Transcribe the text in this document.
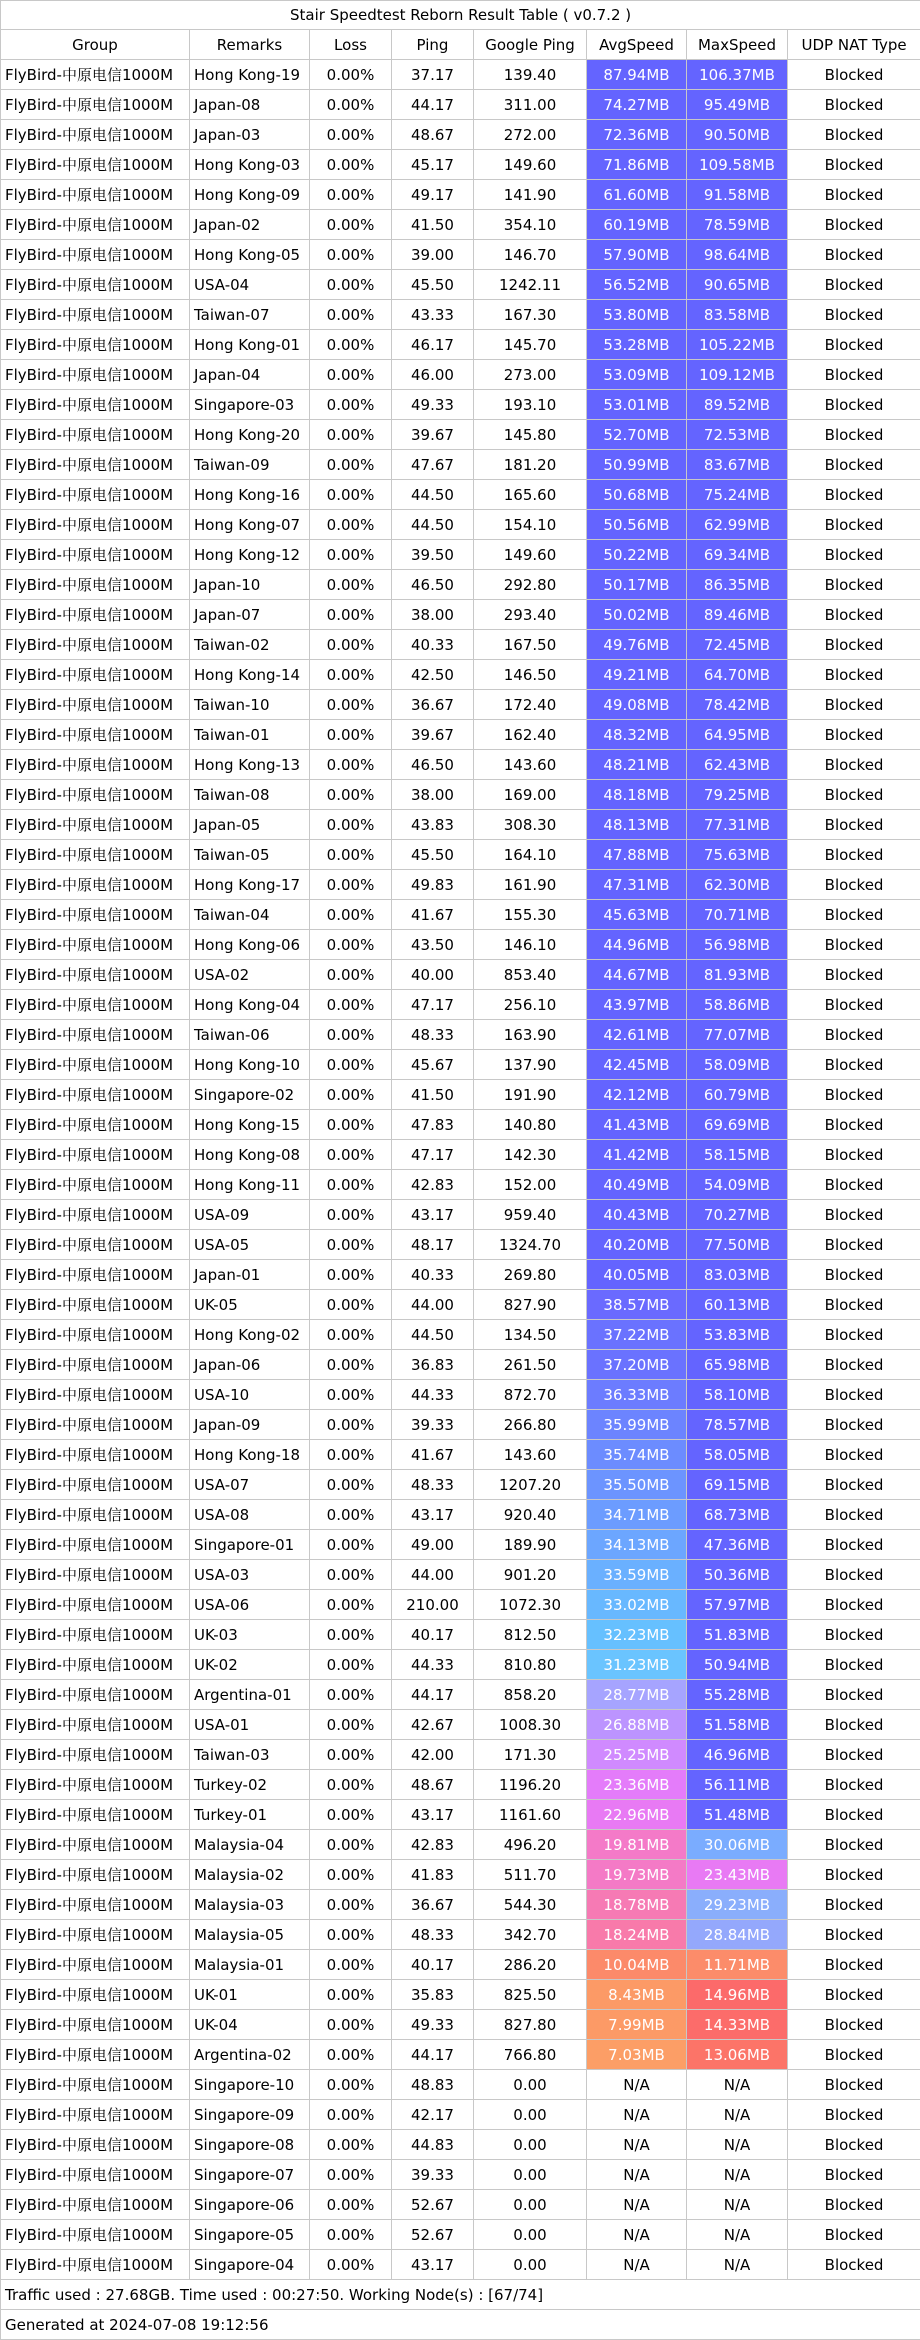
Stair Speedtest Reborn Result Table ( v0.7.2 )							
Group	Remarks	Loss	Ping	Google Ping	AvgSpeed	MaxSpeed	UDP NAT Type
FlyBird-中原电信1000M	Hong Kong-19	0.00%	37.17	139.40	87.94MB	106.37MB	Blocked
FlyBird-中原电信1000M	Japan-08	0.00%	44.17	311.00	74.27MB	95.49MB	Blocked
FlyBird-中原电信1000M	Japan-03	0.00%	48.67	272.00	72.36MB	90.50MB	Blocked
FlyBird-中原电信1000M	Hong Kong-03	0.00%	45.17	149.60	71.86MB	109.58MB	Blocked
FlyBird-中原电信1000M	Hong Kong-09	0.00%	49.17	141.90	61.60MB	91.58MB	Blocked
FlyBird-中原电信1000M	Japan-02	0.00%	41.50	354.10	60.19MB	78.59MB	Blocked
FlyBird-中原电信1000M	Hong Kong-05	0.00%	39.00	146.70	57.90MB	98.64MB	Blocked
FlyBird-中原电信1000M	USA-04	0.00%	45.50	1242.11	56.52MB	90.65MB	Blocked
FlyBird-中原电信1000M	Taiwan-07	0.00%	43.33	167.30	53.80MB	83.58MB	Blocked
FlyBird-中原电信1000M	Hong Kong-01	0.00%	46.17	145.70	53.28MB	105.22MB	Blocked
FlyBird-中原电信1000M	Japan-04	0.00%	46.00	273.00	53.09MB	109.12MB	Blocked
FlyBird-中原电信1000M	Singapore-03	0.00%	49.33	193.10	53.01MB	89.52MB	Blocked
FlyBird-中原电信1000M	Hong Kong-20	0.00%	39.67	145.80	52.70MB	72.53MB	Blocked
FlyBird-中原电信1000M	Taiwan-09	0.00%	47.67	181.20	50.99MB	83.67MB	Blocked
FlyBird-中原电信1000M	Hong Kong-16	0.00%	44.50	165.60	50.68MB	75.24MB	Blocked
FlyBird-中原电信1000M	Hong Kong-07	0.00%	44.50	154.10	50.56MB	62.99MB	Blocked
FlyBird-中原电信1000M	Hong Kong-12	0.00%	39.50	149.60	50.22MB	69.34MB	Blocked
FlyBird-中原电信1000M	Japan-10	0.00%	46.50	292.80	50.17MB	86.35MB	Blocked
FlyBird-中原电信1000M	Japan-07	0.00%	38.00	293.40	50.02MB	89.46MB	Blocked
FlyBird-中原电信1000M	Taiwan-02	0.00%	40.33	167.50	49.76MB	72.45MB	Blocked
FlyBird-中原电信1000M	Hong Kong-14	0.00%	42.50	146.50	49.21MB	64.70MB	Blocked
FlyBird-中原电信1000M	Taiwan-10	0.00%	36.67	172.40	49.08MB	78.42MB	Blocked
FlyBird-中原电信1000M	Taiwan-01	0.00%	39.67	162.40	48.32MB	64.95MB	Blocked
FlyBird-中原电信1000M	Hong Kong-13	0.00%	46.50	143.60	48.21MB	62.43MB	Blocked
FlyBird-中原电信1000M	Taiwan-08	0.00%	38.00	169.00	48.18MB	79.25MB	Blocked
FlyBird-中原电信1000M	Japan-05	0.00%	43.83	308.30	48.13MB	77.31MB	Blocked
FlyBird-中原电信1000M	Taiwan-05	0.00%	45.50	164.10	47.88MB	75.63MB	Blocked
FlyBird-中原电信1000M	Hong Kong-17	0.00%	49.83	161.90	47.31MB	62.30MB	Blocked
FlyBird-中原电信1000M	Taiwan-04	0.00%	41.67	155.30	45.63MB	70.71MB	Blocked
FlyBird-中原电信1000M	Hong Kong-06	0.00%	43.50	146.10	44.96MB	56.98MB	Blocked
FlyBird-中原电信1000M	USA-02	0.00%	40.00	853.40	44.67MB	81.93MB	Blocked
FlyBird-中原电信1000M	Hong Kong-04	0.00%	47.17	256.10	43.97MB	58.86MB	Blocked
FlyBird-中原电信1000M	Taiwan-06	0.00%	48.33	163.90	42.61MB	77.07MB	Blocked
FlyBird-中原电信1000M	Hong Kong-10	0.00%	45.67	137.90	42.45MB	58.09MB	Blocked
FlyBird-中原电信1000M	Singapore-02	0.00%	41.50	191.90	42.12MB	60.79MB	Blocked
FlyBird-中原电信1000M	Hong Kong-15	0.00%	47.83	140.80	41.43MB	69.69MB	Blocked
FlyBird-中原电信1000M	Hong Kong-08	0.00%	47.17	142.30	41.42MB	58.15MB	Blocked
FlyBird-中原电信1000M	Hong Kong-11	0.00%	42.83	152.00	40.49MB	54.09MB	Blocked
FlyBird-中原电信1000M	USA-09	0.00%	43.17	959.40	40.43MB	70.27MB	Blocked
FlyBird-中原电信1000M	USA-05	0.00%	48.17	1324.70	40.20MB	77.50MB	Blocked
FlyBird-中原电信1000M	Japan-01	0.00%	40.33	269.80	40.05MB	83.03MB	Blocked
FlyBird-中原电信1000M	UK-05	0.00%	44.00	827.90	38.57MB	60.13MB	Blocked
FlyBird-中原电信1000M	Hong Kong-02	0.00%	44.50	134.50	37.22MB	53.83MB	Blocked
FlyBird-中原电信1000M	Japan-06	0.00%	36.83	261.50	37.20MB	65.98MB	Blocked
FlyBird-中原电信1000M	USA-10	0.00%	44.33	872.70	36.33MB	58.10MB	Blocked
FlyBird-中原电信1000M	Japan-09	0.00%	39.33	266.80	35.99MB	78.57MB	Blocked
FlyBird-中原电信1000M	Hong Kong-18	0.00%	41.67	143.60	35.74MB	58.05MB	Blocked
FlyBird-中原电信1000M	USA-07	0.00%	48.33	1207.20	35.50MB	69.15MB	Blocked
FlyBird-中原电信1000M	USA-08	0.00%	43.17	920.40	34.71MB	68.73MB	Blocked
FlyBird-中原电信1000M	Singapore-01	0.00%	49.00	189.90	34.13MB	47.36MB	Blocked
FlyBird-中原电信1000M	USA-03	0.00%	44.00	901.20	33.59MB	50.36MB	Blocked
FlyBird-中原电信1000M	USA-06	0.00%	210.00	1072.30	33.02MB	57.97MB	Blocked
FlyBird-中原电信1000M	UK-03	0.00%	40.17	812.50	32.23MB	51.83MB	Blocked
FlyBird-中原电信1000M	UK-02	0.00%	44.33	810.80	31.23MB	50.94MB	Blocked
FlyBird-中原电信1000M	Argentina-01	0.00%	44.17	858.20	28.77MB	55.28MB	Blocked
FlyBird-中原电信1000M	USA-01	0.00%	42.67	1008.30	26.88MB	51.58MB	Blocked
FlyBird-中原电信1000M	Taiwan-03	0.00%	42.00	171.30	25.25MB	46.96MB	Blocked
FlyBird-中原电信1000M	Turkey-02	0.00%	48.67	1196.20	23.36MB	56.11MB	Blocked
FlyBird-中原电信1000M	Turkey-01	0.00%	43.17	1161.60	22.96MB	51.48MB	Blocked
FlyBird-中原电信1000M	Malaysia-04	0.00%	42.83	496.20	19.81MB	30.06MB	Blocked
FlyBird-中原电信1000M	Malaysia-02	0.00%	41.83	511.70	19.73MB	23.43MB	Blocked
FlyBird-中原电信1000M	Malaysia-03	0.00%	36.67	544.30	18.78MB	29.23MB	Blocked
FlyBird-中原电信1000M	Malaysia-05	0.00%	48.33	342.70	18.24MB	28.84MB	Blocked
FlyBird-中原电信1000M	Malaysia-01	0.00%	40.17	286.20	10.04MB	11.71MB	Blocked
FlyBird-中原电信1000M	UK-01	0.00%	35.83	825.50	8.43MB	14.96MB	Blocked
FlyBird-中原电信1000M	UK-04	0.00%	49.33	827.80	7.99MB	14.33MB	Blocked
FlyBird-中原电信1000M	Argentina-02	0.00%	44.17	766.80	7.03MB	13.06MB	Blocked
FlyBird-中原电信1000M	Singapore-10	0.00%	48.83	0.00	N/A	N/A	Blocked
FlyBird-中原电信1000M	Singapore-09	0.00%	42.17	0.00	N/A	N/A	Blocked
FlyBird-中原电信1000M	Singapore-08	0.00%	44.83	0.00	N/A	N/A	Blocked
FlyBird-中原电信1000M	Singapore-07	0.00%	39.33	0.00	N/A	N/A	Blocked
FlyBird-中原电信1000M	Singapore-06	0.00%	52.67	0.00	N/A	N/A	Blocked
FlyBird-中原电信1000M	Singapore-05	0.00%	52.67	0.00	N/A	N/A	Blocked
FlyBird-中原电信1000M	Singapore-04	0.00%	43.17	0.00	N/A	N/A	Blocked
Traffic used : 27.68GB. Time used : 00:27:50. Working Node(s) : [67/74]							
Generated at 2024-07-08 19:12:56							
